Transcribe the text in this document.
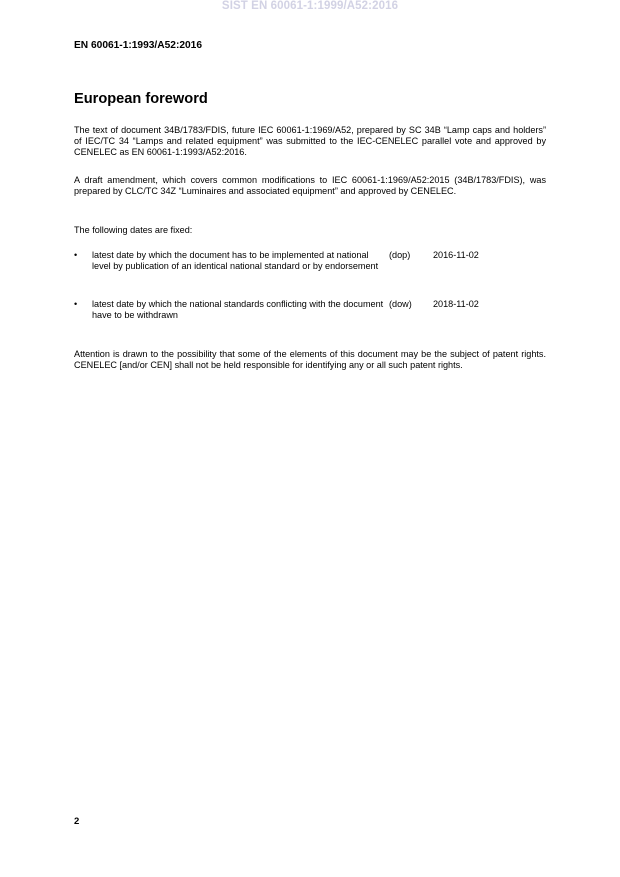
SIST EN 60061-1:1999/A52:2016
EN 60061-1:1993/A52:2016
European foreword

The text of document 34B/1783/FDIS, future IEC 60061-1:1969/A52, prepared by SC 34B “Lamp caps and holders” of IEC/TC 34 “Lamps and related equipment” was submitted to the IEC-CENELEC parallel vote and approved by CENELEC as EN 60061-1:1993/A52:2016.

A draft amendment, which covers common modifications to IEC 60061-1:1969/A52:2015 (34B/1783/FDIS), was prepared by CLC/TC 34Z “Luminaires and associated equipment” and approved by CENELEC.

The following dates are fixed:

• latest date by which the document has to be implemented at national level by publication of an identical national standard or by endorsement
(dop)	2016-11-02
• latest date by which the national standards conflicting with the document have to be withdrawn
(dow) 2018-11-02

Attention is drawn to the possibility that some of the elements of this document may be the subject of patent rights. CENELEC [and/or CEN] shall not be held responsible for identifying any or all such patent rights.

2
